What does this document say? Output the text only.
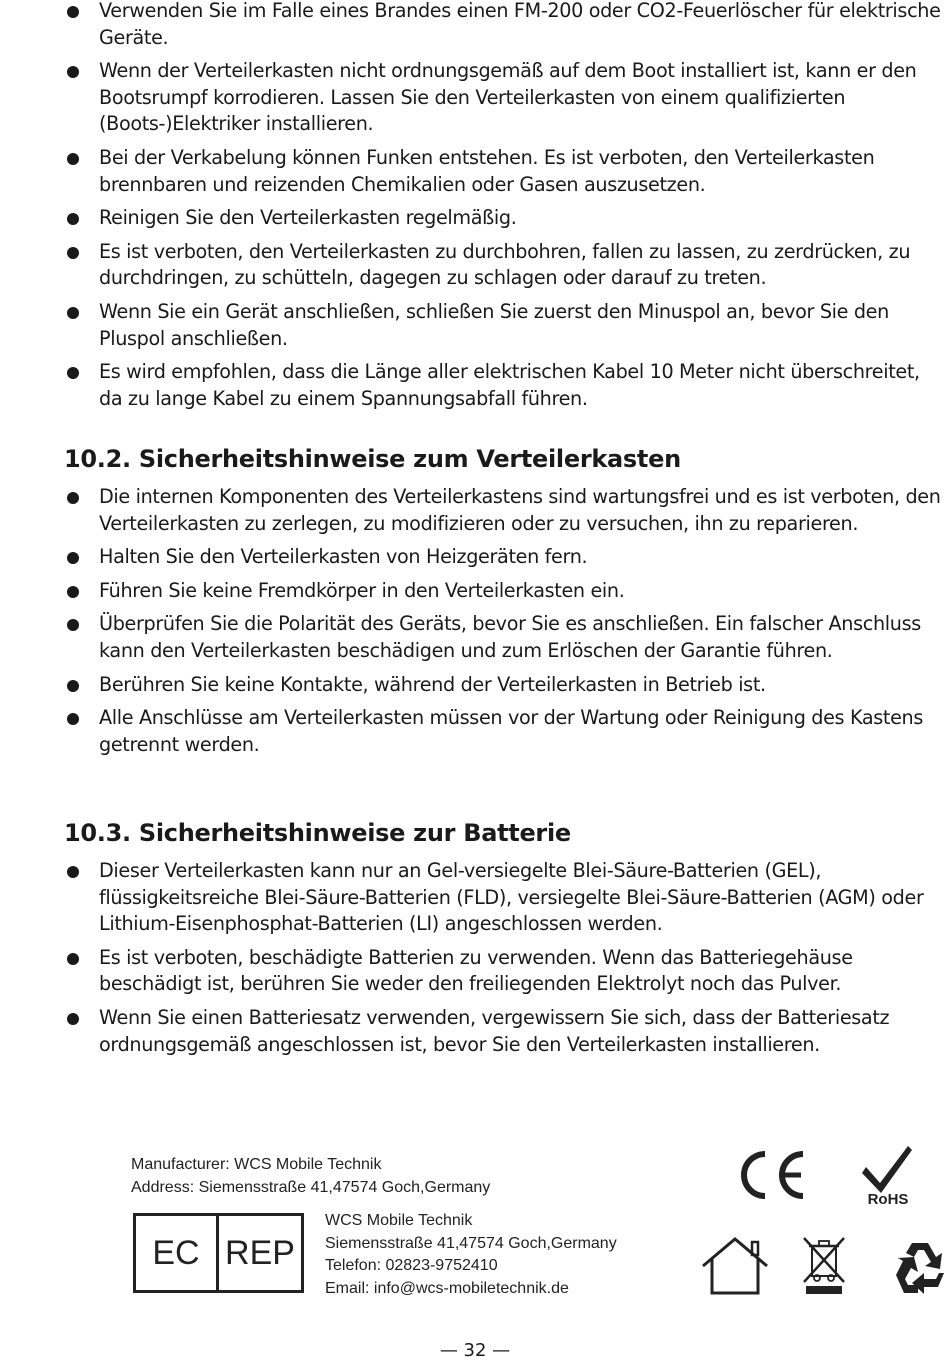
Verwenden Sie im Falle eines Brandes einen FM-200 oder CO2-Feuerlöscher für elektrische Geräte.
Wenn der Verteilerkasten nicht ordnungsgemäß auf dem Boot installiert ist, kann er den Bootsrumpf korrodieren. Lassen Sie den Verteilerkasten von einem qualifizierten (Boots-)Elektriker installieren.
Bei der Verkabelung können Funken entstehen. Es ist verboten, den Verteilerkasten brennbaren und reizenden Chemikalien oder Gasen auszusetzen.
Reinigen Sie den Verteilerkasten regelmäßig.
Es ist verboten, den Verteilerkasten zu durchbohren, fallen zu lassen, zu zerdrücken, zu durchdringen, zu schütteln, dagegen zu schlagen oder darauf zu treten.
Wenn Sie ein Gerät anschließen, schließen Sie zuerst den Minuspol an, bevor Sie den Pluspol anschließen.
Es wird empfohlen, dass die Länge aller elektrischen Kabel 10 Meter nicht überschreitet, da zu lange Kabel zu einem Spannungsabfall führen.
10.2. Sicherheitshinweise zum Verteilerkasten
Die internen Komponenten des Verteilerkastens sind wartungsfrei und es ist verboten, den Verteilerkasten zu zerlegen, zu modifizieren oder zu versuchen, ihn zu reparieren.
Halten Sie den Verteilerkasten von Heizgeräten fern.
Führen Sie keine Fremdkörper in den Verteilerkasten ein.
Überprüfen Sie die Polarität des Geräts, bevor Sie es anschließen. Ein falscher Anschluss kann den Verteilerkasten beschädigen und zum Erlöschen der Garantie führen.
Berühren Sie keine Kontakte, während der Verteilerkasten in Betrieb ist.
Alle Anschlüsse am Verteilerkasten müssen vor der Wartung oder Reinigung des Kastens getrennt werden.
10.3. Sicherheitshinweise zur Batterie
Dieser Verteilerkasten kann nur an Gel-versiegelte Blei-Säure-Batterien (GEL), flüssigkeitsreiche Blei-Säure-Batterien (FLD), versiegelte Blei-Säure-Batterien (AGM) oder Lithium-Eisenphosphat-Batterien (LI) angeschlossen werden.
Es ist verboten, beschädigte Batterien zu verwenden. Wenn das Batteriegehäuse beschädigt ist, berühren Sie weder den freiliegenden Elektrolyt noch das Pulver.
Wenn Sie einen Batteriesatz verwenden, vergewissern Sie sich, dass der Batteriesatz ordnungsgemäß angeschlossen ist, bevor Sie den Verteilerkasten installieren.
Manufacturer: WCS Mobile Technik
Address: Siemensstraße 41,47574 Goch,Germany
EC REP
WCS Mobile Technik
Siemensstraße 41,47574 Goch,Germany
Telefon: 02823-9752410
Email: info@wcs-mobiletechnik.de
RoHS
— 32 —
